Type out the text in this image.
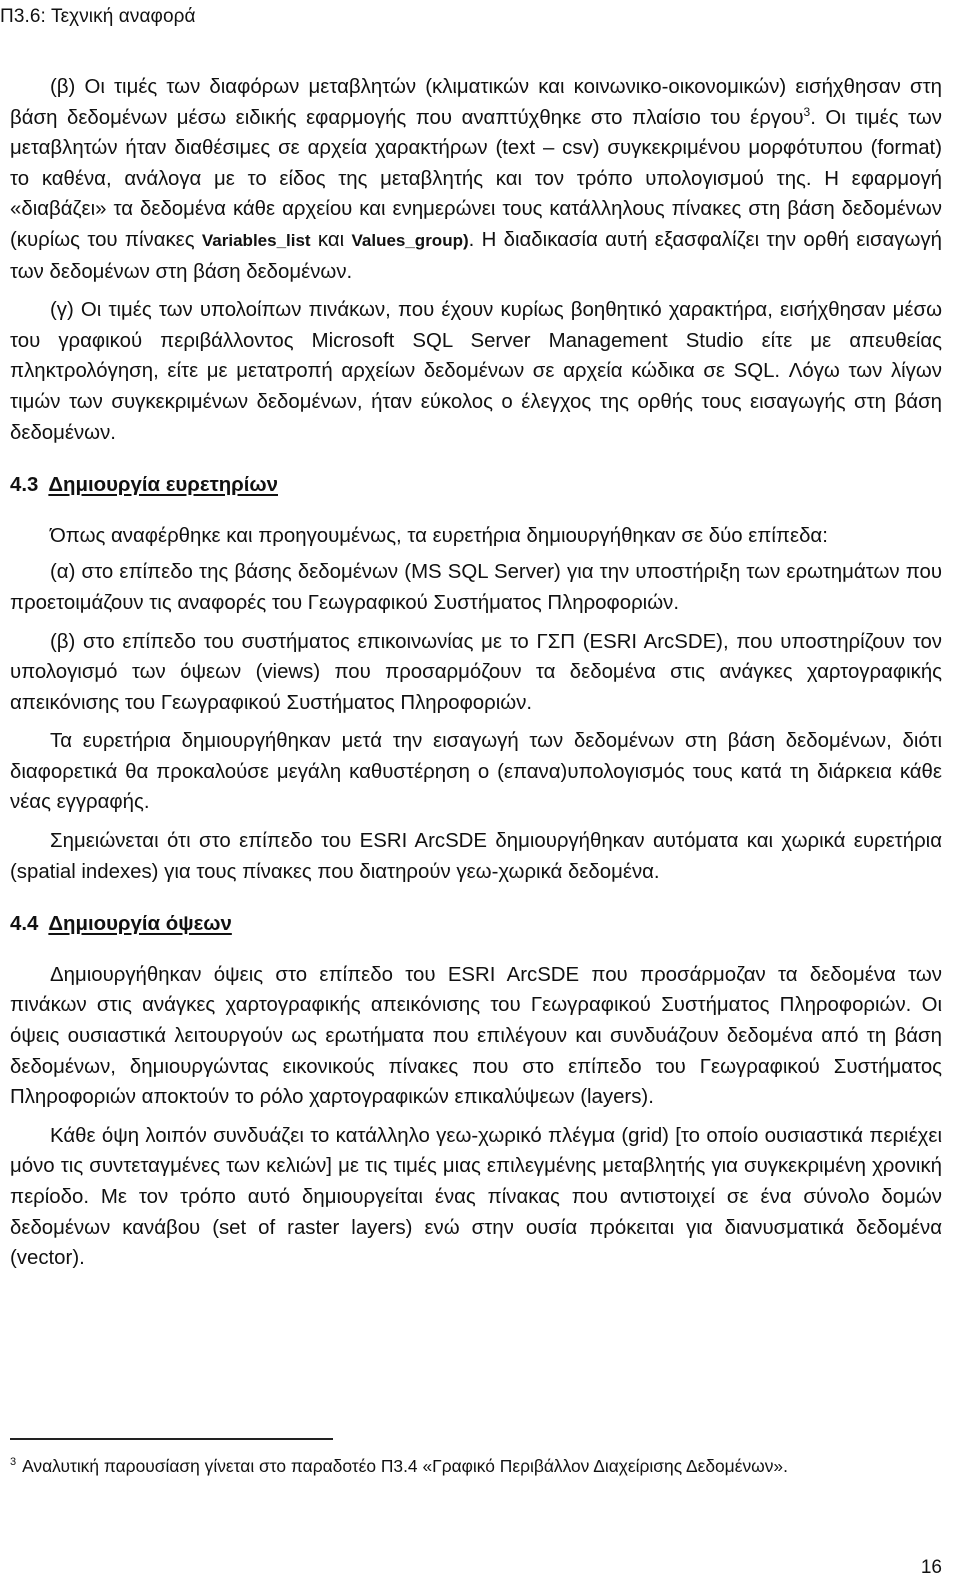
Π3.6: Τεχνική αναφορά

(β) Οι τιμές των διαφόρων μεταβλητών (κλιματικών και κοινωνικο-οικονομικών) εισήχθησαν στη βάση δεδομένων μέσω ειδικής εφαρμογής που αναπτύχθηκε στο πλαίσιο του έργου$^3$. Οι τιμές των μεταβλητών ήταν διαθέσιμες σε αρχεία χαρακτήρων (text – csv) συγκεκριμένου μορφότυπου (format) το καθένα, ανάλογα με το είδος της μεταβλητής και τον τρόπο υπολογισμού της. Η εφαρμογή «διαβάζει» τα δεδομένα κάθε αρχείου και ενημερώνει τους κατάλληλους πίνακες στη βάση δεδομένων (κυρίως του πίνακες Variables_list και Values_group). Η διαδικασία αυτή εξασφαλίζει την ορθή εισαγωγή των δεδομένων στη βάση δεδομένων.

(γ) Οι τιμές των υπολοίπων πινάκων, που έχουν κυρίως βοηθητικό χαρακτήρα, εισήχθησαν μέσω του γραφικού περιβάλλοντος Microsoft SQL Server Management Studio είτε με απευθείας πληκτρολόγηση, είτε με μετατροπή αρχείων δεδομένων σε αρχεία κώδικα σε SQL. Λόγω των λίγων τιμών των συγκεκριμένων δεδομένων, ήταν εύκολος ο έλεγχος της ορθής τους εισαγωγής στη βάση δεδομένων.

4.3 Δημιουργία ευρετηρίων

Όπως αναφέρθηκε και προηγουμένως, τα ευρετήρια δημιουργήθηκαν σε δύο επίπεδα:

(α) στο επίπεδο της βάσης δεδομένων (MS SQL Server) για την υποστήριξη των ερωτημάτων που προετοιμάζουν τις αναφορές του Γεωγραφικού Συστήματος Πληροφοριών.

(β) στο επίπεδο του συστήματος επικοινωνίας με το ΓΣΠ (ESRI ArcSDE), που υποστηρίζουν τον υπολογισμό των όψεων (views) που προσαρμόζουν τα δεδομένα στις ανάγκες χαρτογραφικής απεικόνισης του Γεωγραφικού Συστήματος Πληροφοριών.

Τα ευρετήρια δημιουργήθηκαν μετά την εισαγωγή των δεδομένων στη βάση δεδομένων, διότι διαφορετικά θα προκαλούσε μεγάλη καθυστέρηση ο (επανα)υπολογισμός τους κατά τη διάρκεια κάθε νέας εγγραφής.

Σημειώνεται ότι στο επίπεδο του ESRI ArcSDE δημιουργήθηκαν αυτόματα και χωρικά ευρετήρια (spatial indexes) για τους πίνακες που διατηρούν γεω-χωρικά δεδομένα.

4.4 Δημιουργία όψεων

Δημιουργήθηκαν όψεις στο επίπεδο του ESRI ArcSDE που προσάρμοζαν τα δεδομένα των πινάκων στις ανάγκες χαρτογραφικής απεικόνισης του Γεωγραφικού Συστήματος Πληροφοριών. Οι όψεις ουσιαστικά λειτουργούν ως ερωτήματα που επιλέγουν και συνδυάζουν δεδομένα από τη βάση δεδομένων, δημιουργώντας εικονικούς πίνακες που στο επίπεδο του Γεωγραφικού Συστήματος Πληροφοριών αποκτούν το ρόλο χαρτογραφικών επικαλύψεων (layers).

Κάθε όψη λοιπόν συνδυάζει το κατάλληλο γεω-χωρικό πλέγμα (grid) [το οποίο ουσιαστικά περιέχει μόνο τις συντεταγμένες των κελιών] με τις τιμές μιας επιλεγμένης μεταβλητής για συγκεκριμένη χρονική περίοδο. Με τον τρόπο αυτό δημιουργείται ένας πίνακας που αντιστοιχεί σε ένα σύνολο δομών δεδομένων κανάβου (set of raster layers) ενώ στην ουσία πρόκειται για διανυσματικά δεδομένα (vector).

$^3$ Αναλυτική παρουσίαση γίνεται στο παραδοτέο Π3.4 «Γραφικό Περιβάλλον Διαχείρισης Δεδομένων».
16
